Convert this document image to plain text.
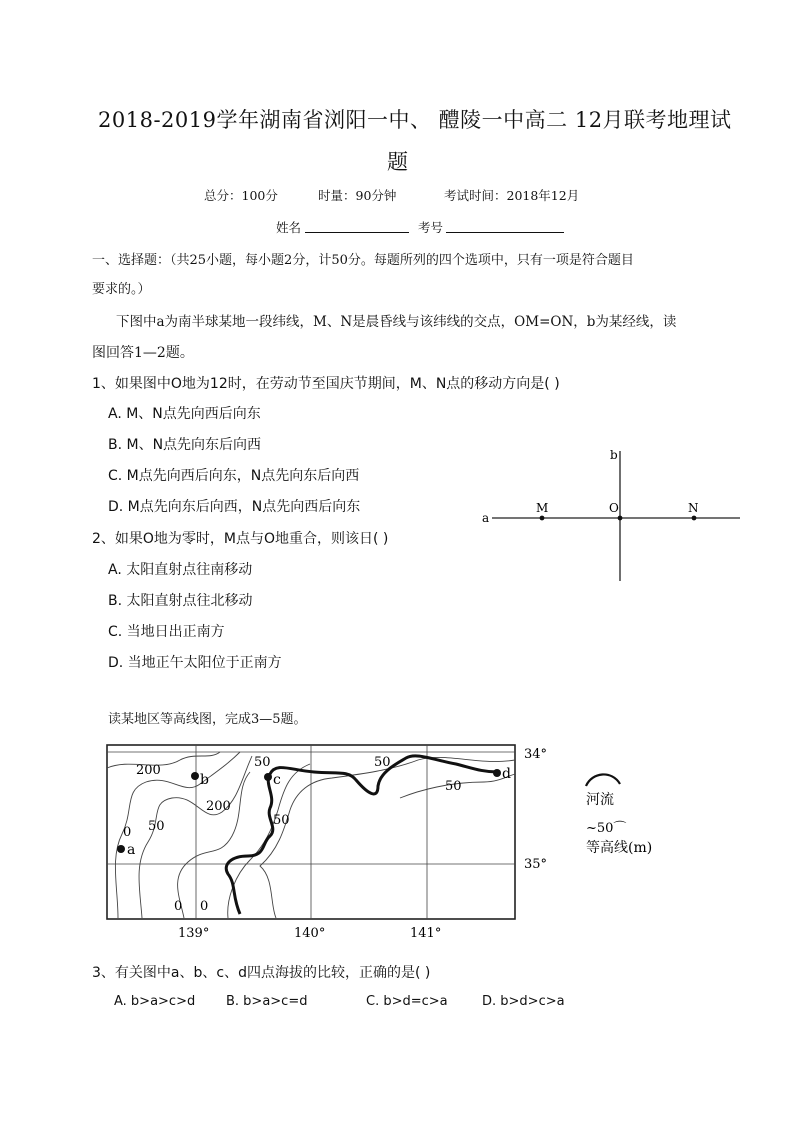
2018-2019学年湖南省浏阳一中、 醴陵一中高二 12月联考地理试
题
总分：100分	时量：90分钟	考试时间：2018年12月
姓名	考号
一、选择题：（共25小题，每小题2分，计50分。每题所列的四个选项中，只有一项是符合题目
要求的。）
下图中a为南半球某地一段纬线，M、N是晨昏线与该纬线的交点，OM=ON，b为某经线，读
图回答1—2题。
1、如果图中O地为12时，在劳动节至国庆节期间，M、N点的移动方向是( )
A. M、N点先向西后向东
B. M、N点先向东后向西
C. M点先向西后向东，N点先向东后向西
D. M点先向东后向西，N点先向西后向东
2、如果O地为零时，M点与O地重合，则该日( )
A. 太阳直射点往南移动
B. 太阳直射点往北移动
C. 当地日出正南方
D. 当地正午太阳位于正南方
b
a
M	O	N
读某地区等高线图，完成3—5题。
a
b	c	d
200
200
0 50
50
50
50
50
0 0
34°
35°
139°	140°	141°
河流
~50⌒
等高线(m)
3、有关图中a、b、c、d四点海拔的比较，正确的是( )
A. b>a>c>d B. b>a>c=d	C. b>d=c>a	D. b>d>c>a
